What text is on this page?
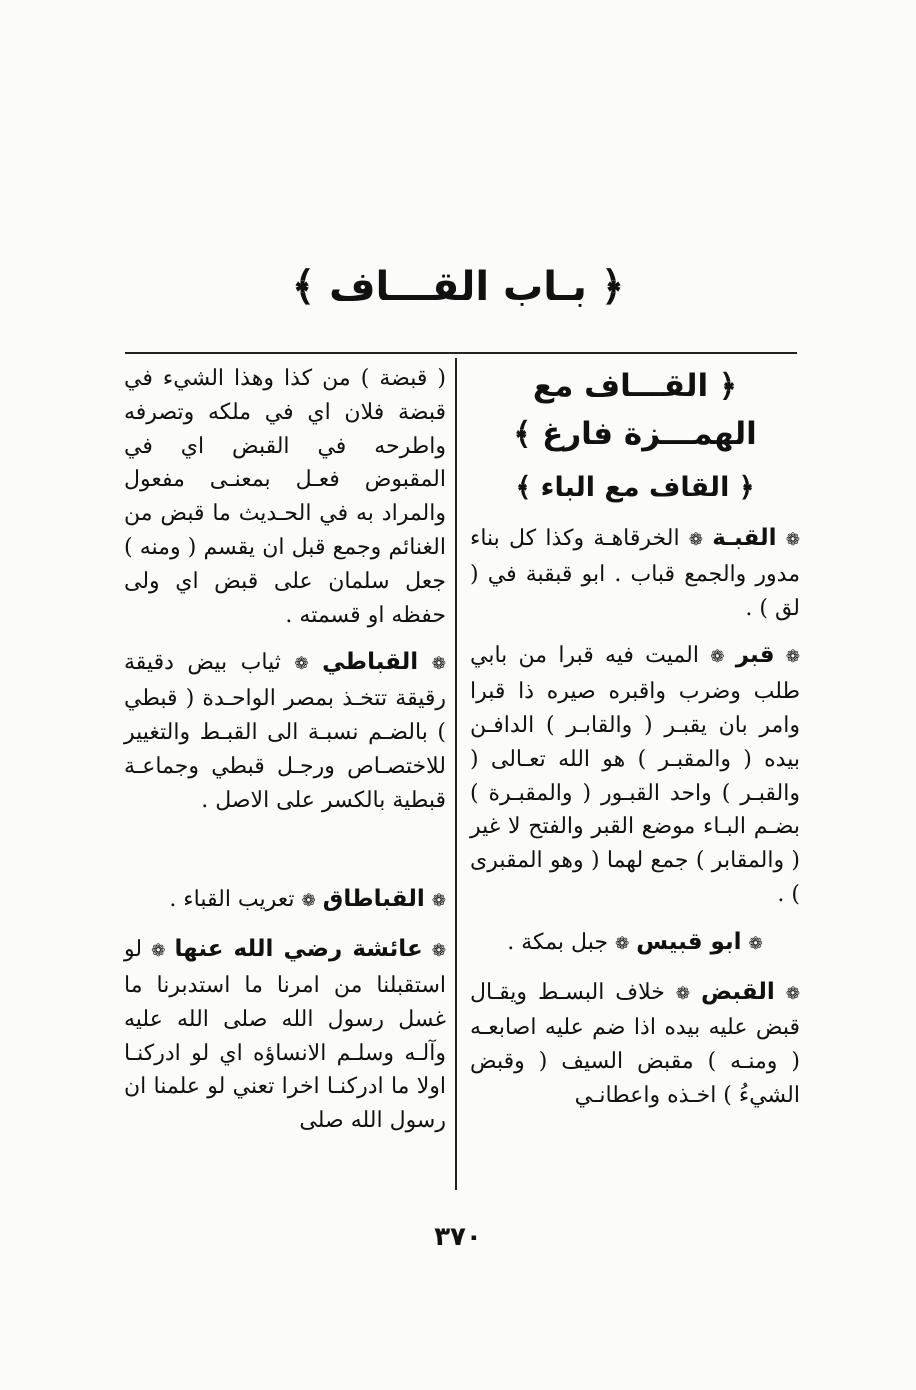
﴿ بـاب القـــاف ﴾
﴿ القـــاف مع الهمـــزة فارغ ﴾
﴿ القاف مع الباء ﴾

❁ القبـة ❁ الخرقاهـة وكذا كل بناء مدور والجمع قباب . ابو قبقبة في ( لق ) .

❁ قبر ❁ الميت فيه قبرا من بابي طلب وضرب واقبره صيره ذا قبرا وامر بان يقبـر ( والقابـر ) الدافـن بيده ( والمقبـر ) هو الله تعـالى ( والقبـر ) واحد القبـور ( والمقبـرة ) بضـم البـاء موضع القبر والفتح لا غير ( والمقابر ) جمع لهما ( وهو المقبرى ) .

❁ ابو قبيس ❁ جبل بمكة .

❁ القبض ❁ خلاف البسـط ويقـال قبض عليه بيده اذا ضم عليه اصابعـه ( ومنـه ) مقبض السيف ( وقبض الشيءُ ) اخـذه واعطانـي

( قبضة ) من كذا وهذا الشيء في قبضة فلان اي في ملكه وتصرفه واطرحه في القبض اي في المقبوض فعـل بمعنـى مفعول والمراد به في الحـديث ما قبض من الغنائم وجمع قبل ان يقسم ( ومنه ) جعل سلمان على قبض اي ولى حفظه او قسمته .

❁ القباطي ❁ ثياب بيض دقيقة رقيقة تتخـذ بمصر الواحـدة ( قبطي ) بالضـم نسبـة الى القبـط والتغيير للاختصـاص ورجـل قبطي وجماعـة قبطية بالكسر على الاصل .

❁ القباطاق ❁ تعريب القباء .

❁ عائشة رضي الله عنها ❁ لو استقبلنا من امرنا ما استدبرنا ما غسل رسول الله صلى الله عليه وآلـه وسلـم الانساؤه اي لو ادركنـا اولا ما ادركنـا اخرا تعني لو علمنا ان رسول الله صلى

٣٧٠
